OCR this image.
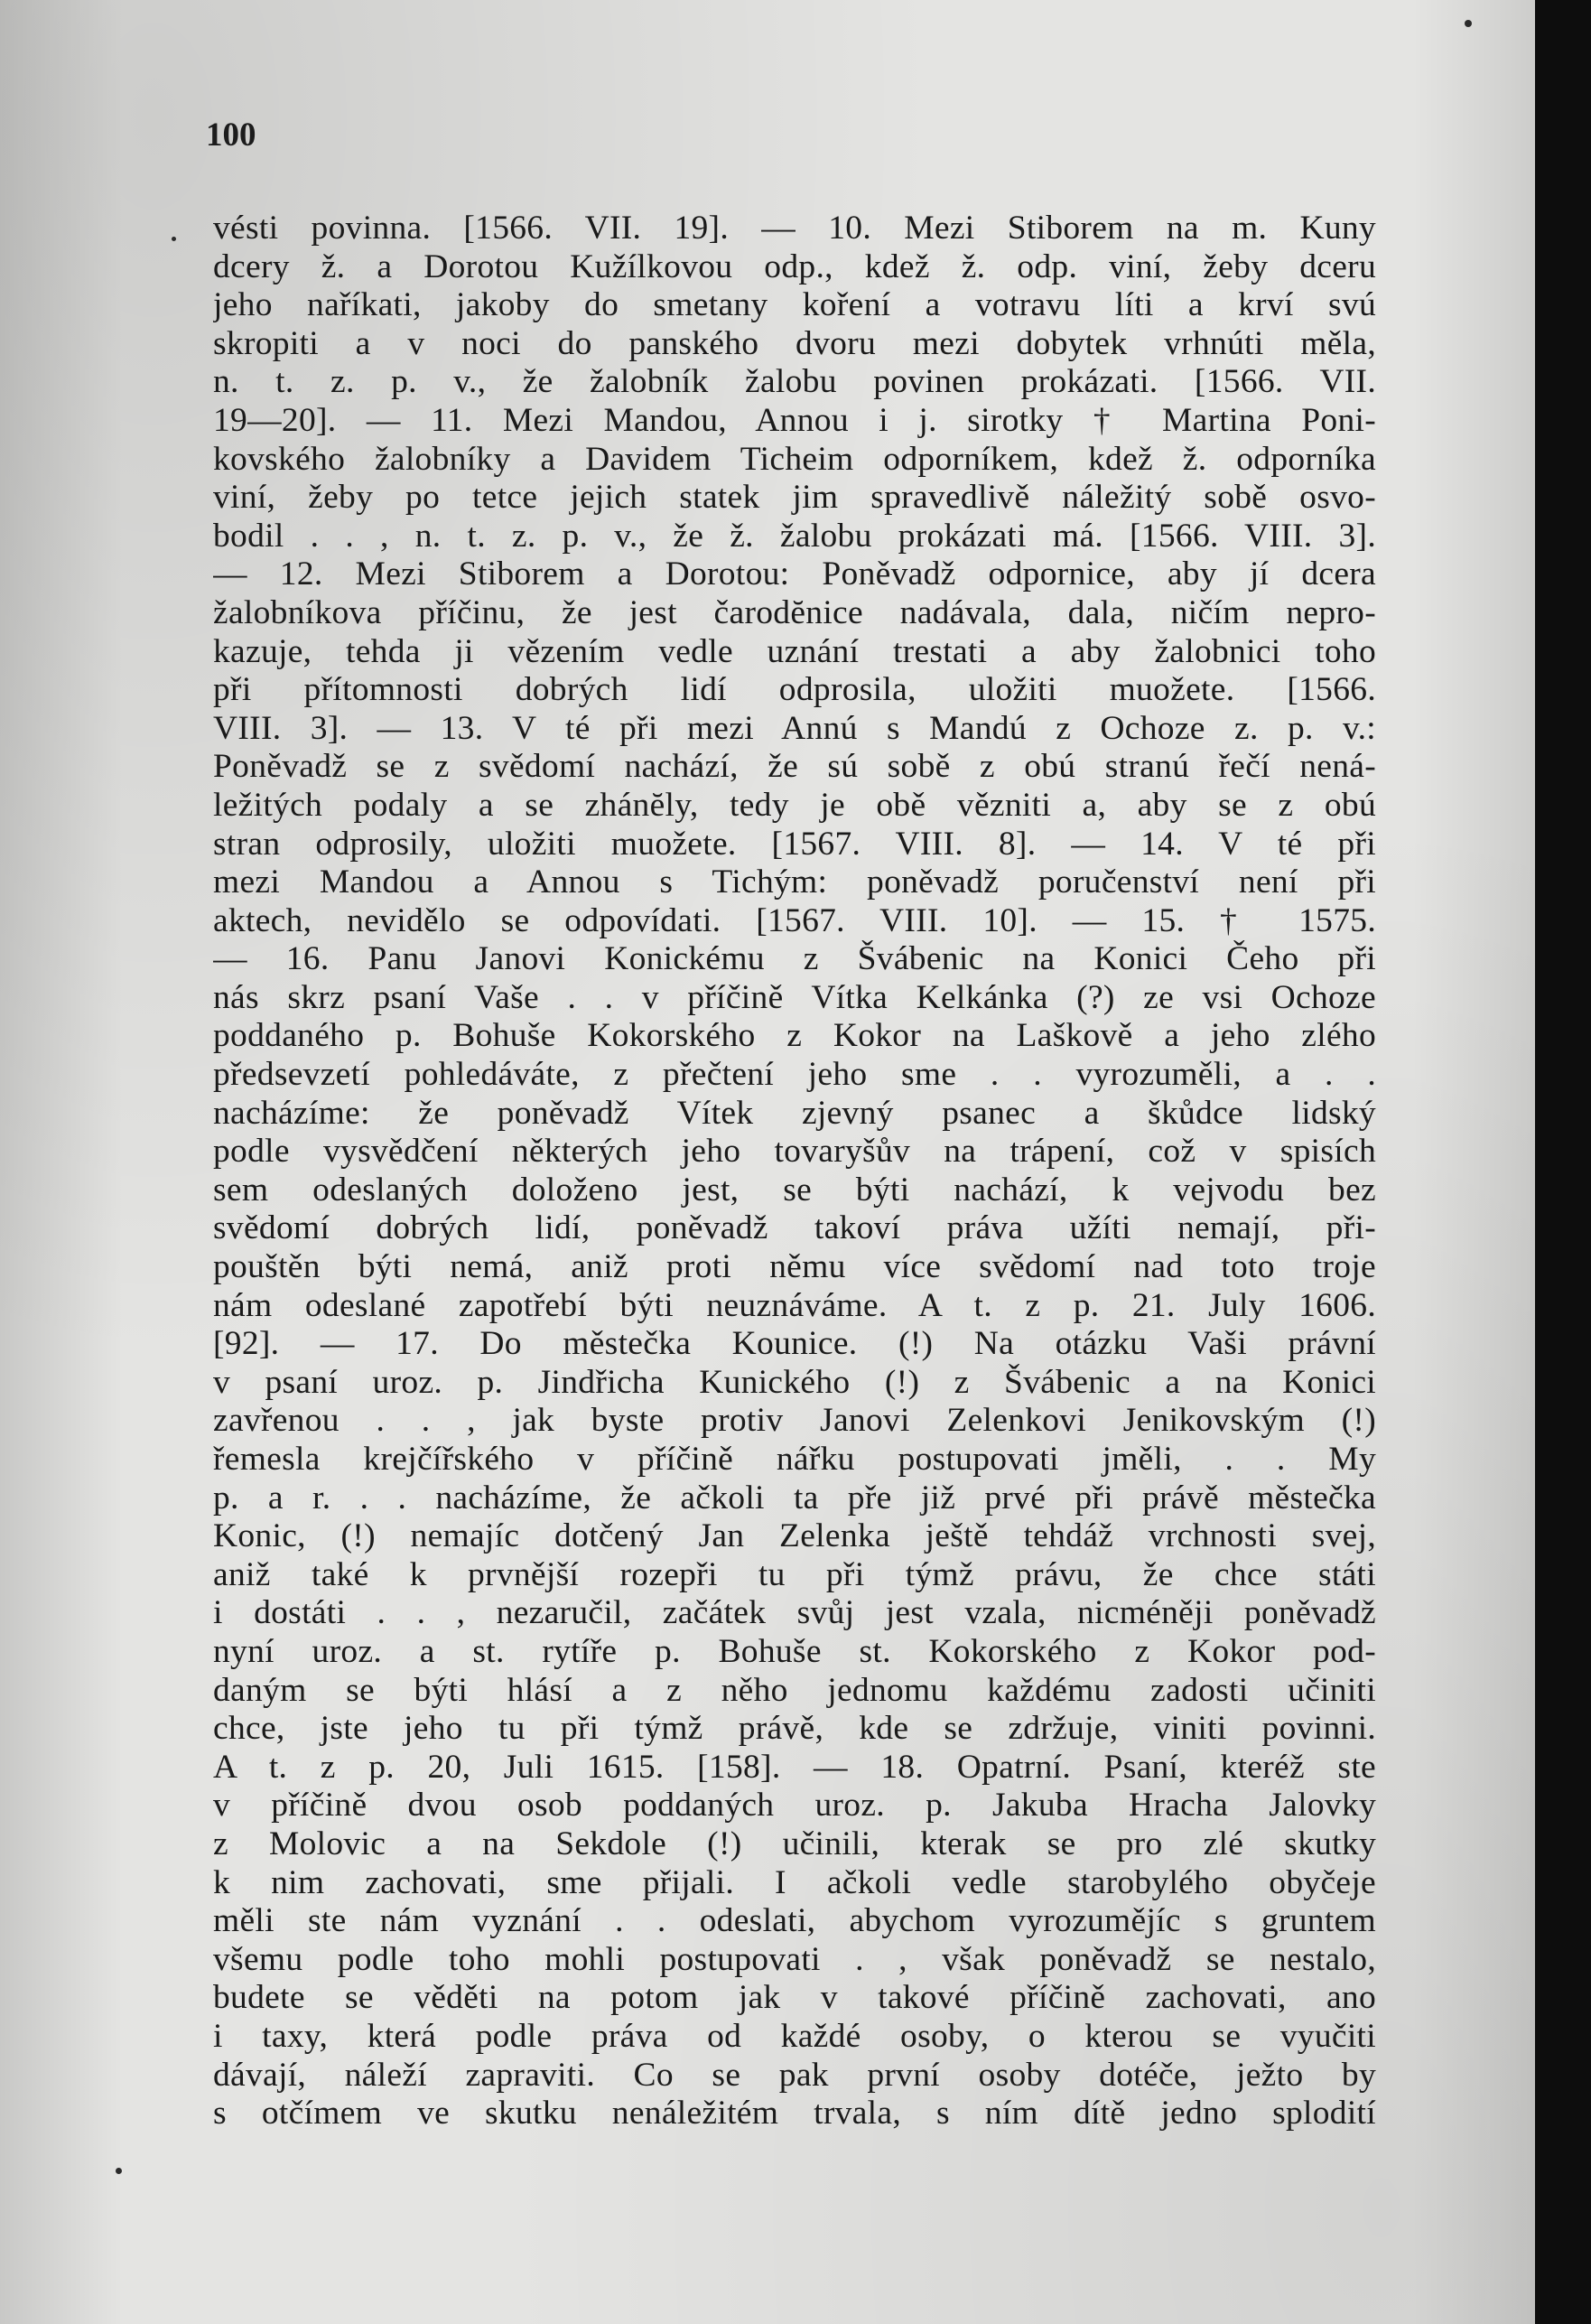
100
vésti povinna. [1566. VII. 19]. — 10. Mezi Stiborem na m. Kuny
dcery ž. a Dorotou Kužílkovou odp., kdež ž. odp. viní, žeby dceru
jeho naříkati, jakoby do smetany koření a votravu líti a krví svú
skropiti a v noci do panského dvoru mezi dobytek vrhnúti měla,
n. t. z. p. v., že žalobník žalobu povinen prokázati. [1566. VII.
19—20]. — 11. Mezi Mandou, Annou i j. sirotky † Martina Poni-
kovského žalobníky a Davidem Ticheim odporníkem, kdež ž. odporníka
viní, žeby po tetce jejich statek jim spravedlivě náležitý sobě osvo-
bodil . . , n. t. z. p. v., že ž. žalobu prokázati má. [1566. VIII. 3].
— 12. Mezi Stiborem a Dorotou: Poněvadž odpornice, aby jí dcera
žalobníkova příčinu, že jest čarodĕnice nadávala, dala, ničím nepro-
kazuje, tehda ji vězením vedle uznání trestati a aby žalobnici toho
při přítomnosti dobrých lidí odprosila, uložiti muožete. [1566.
VIII. 3]. — 13. V té při mezi Annú s Mandú z Ochoze z. p. v.:
Poněvadž se z svědomí nachází, že sú sobě z obú stranú řečí nená-
ležitých podaly a se zhánĕly, tedy je obě vězniti a, aby se z obú
stran odprosily, uložiti muožete. [1567. VIII. 8]. — 14. V té při
mezi Mandou a Annou s Tichým: poněvadž poručenství není při
aktech, nevidělo se odpovídati. [1567. VIII. 10]. — 15. † 1575.
— 16. Panu Janovi Konickému z Švábenic na Konici Čeho při
nás skrz psaní Vaše . . v příčině Vítka Kelkánka (?) ze vsi Ochoze
poddaného p. Bohuše Kokorského z Kokor na Laškově a jeho zlého
předsevzetí pohledáváte, z přečtení jeho sme . . vyrozuměli, a . .
nacházíme: že poněvadž Vítek zjevný psanec a škůdce lidský
podle vysvědčení některých jeho tovaryšův na trápení, což v spisích
sem odeslaných doloženo jest, se býti nachází, k vejvodu bez
svědomí dobrých lidí, poněvadž takoví práva užíti nemají, při-
pouštěn býti nemá, aniž proti němu více svědomí nad toto troje
nám odeslané zapotřebí býti neuznáváme. A t. z p. 21. July 1606.
[92]. — 17. Do městečka Kounice. (!) Na otázku Vaši právní
v psaní uroz. p. Jindřicha Kunického (!) z Švábenic a na Konici
zavřenou . . , jak byste protiv Janovi Zelenkovi Jenikovským (!)
řemesla krejčířského v příčině nářku postupovati jměli, . . My
p. a r. . . nacházíme, že ačkoli ta pře již prvé při právě městečka
Konic, (!) nemajíc dotčený Jan Zelenka ještě tehdáž vrchnosti svej,
aniž také k prvnější rozepři tu při týmž právu, že chce státi
i dostáti . . , nezaručil, začátek svůj jest vzala, nicméněji poněvadž
nyní uroz. a st. rytíře p. Bohuše st. Kokorského z Kokor pod-
daným se býti hlásí a z něho jednomu každému zadosti učiniti
chce, jste jeho tu při týmž právě, kde se zdržuje, viniti povinni.
A t. z p. 20, Juli 1615. [158]. — 18. Opatrní. Psaní, kteréž ste
v příčině dvou osob poddaných uroz. p. Jakuba Hracha Jalovky
z Molovic a na Sekdole (!) učinili, kterak se pro zlé skutky
k nim zachovati, sme přijali. I ačkoli vedle starobylého obyčeje
měli ste nám vyznání . . odeslati, abychom vyrozumějíc s gruntem
všemu podle toho mohli postupovati . , však poněvadž se nestalo,
budete se věděti na potom jak v takové příčině zachovati, ano
i taxy, která podle práva od každé osoby, o kterou se vyučiti
dávají, náleží zapraviti. Co se pak první osoby dotéče, ježto by
s otčímem ve skutku nenáležitém trvala, s ním dítě jedno splodití
